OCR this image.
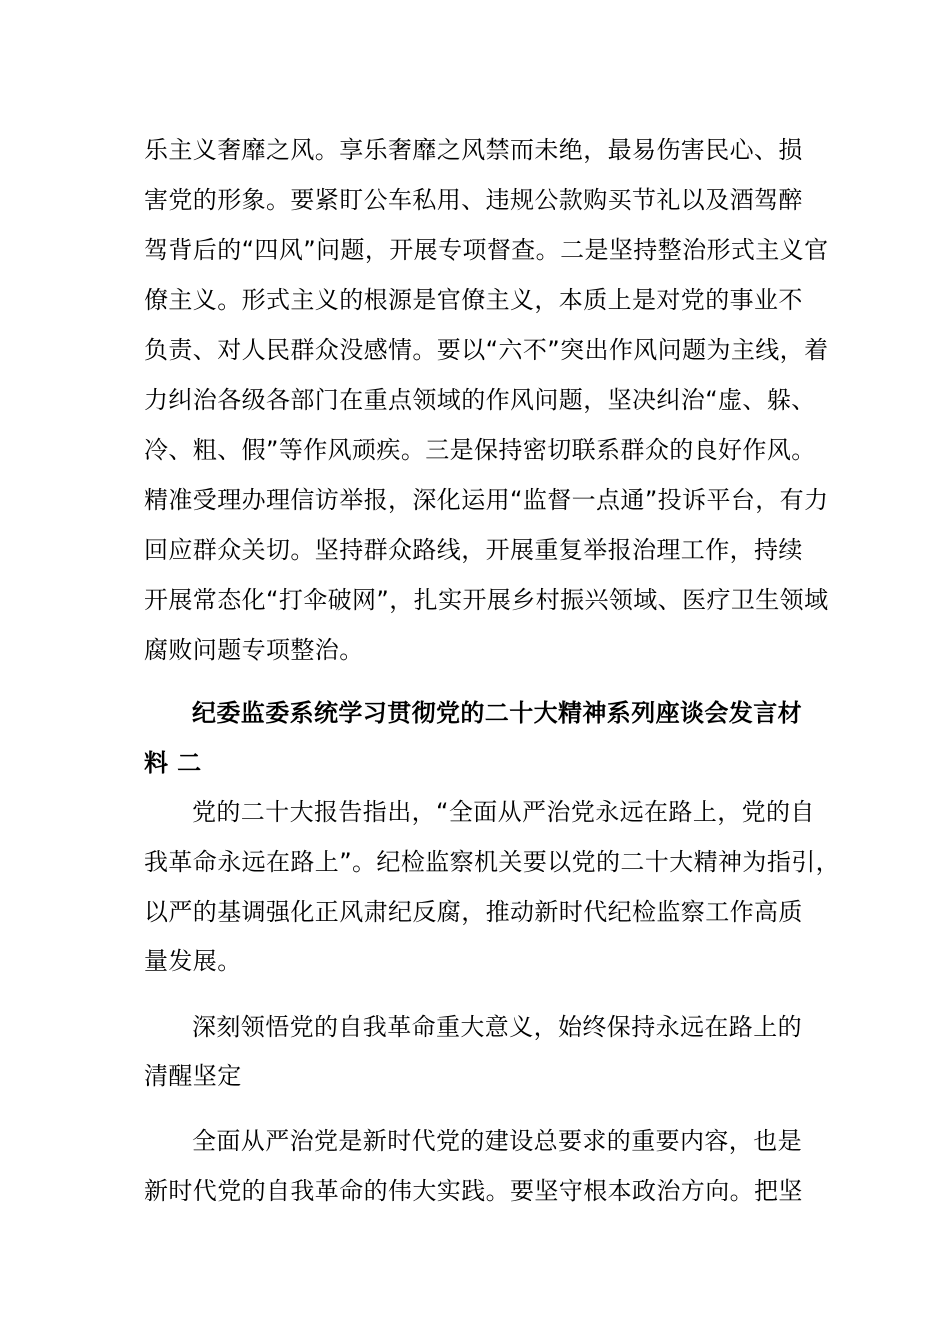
乐主义奢靡之风。享乐奢靡之风禁而未绝，最易伤害民心、损
害党的形象。要紧盯公车私用、违规公款购买节礼以及酒驾醉
驾背后的“四风”问题，开展专项督查。二是坚持整治形式主义官
僚主义。形式主义的根源是官僚主义，本质上是对党的事业不
负责、对人民群众没感情。要以“六不”突出作风问题为主线，着
力纠治各级各部门在重点领域的作风问题，坚决纠治“虚、躲、
冷、粗、假”等作风顽疾。三是保持密切联系群众的良好作风。
精准受理办理信访举报，深化运用“监督一点通”投诉平台，有力
回应群众关切。坚持群众路线，开展重复举报治理工作，持续
开展常态化“打伞破网”，扎实开展乡村振兴领域、医疗卫生领域
腐败问题专项整治。
纪委监委系统学习贯彻党的二十大精神系列座谈会发言材
料 二
党的二十大报告指出，“全面从严治党永远在路上，党的自
我革命永远在路上”。纪检监察机关要以党的二十大精神为指引，
以严的基调强化正风肃纪反腐，推动新时代纪检监察工作高质
量发展。
深刻领悟党的自我革命重大意义，始终保持永远在路上的
清醒坚定
全面从严治党是新时代党的建设总要求的重要内容，也是
新时代党的自我革命的伟大实践。要坚守根本政治方向。把坚
